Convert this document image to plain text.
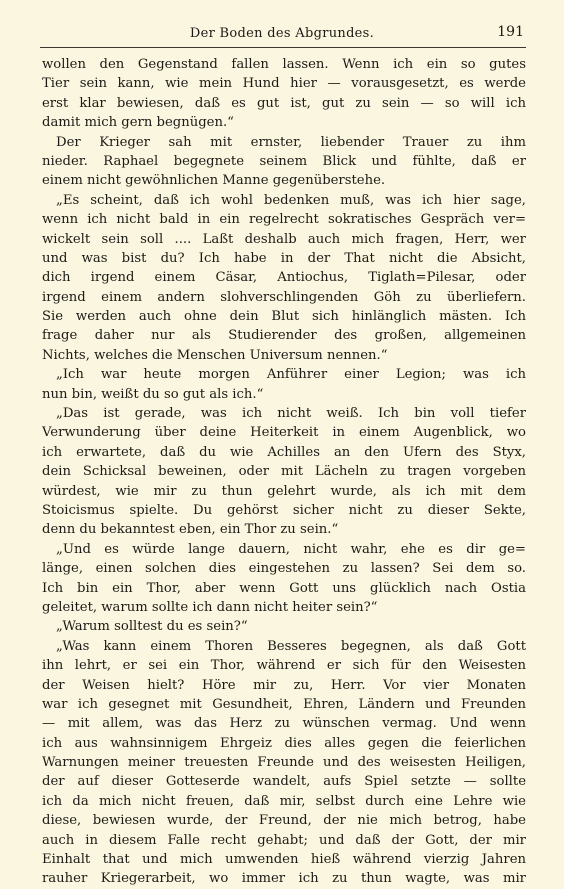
Der Boden des Abgrundes.	191
wollen den Gegenstand fallen lassen. Wenn ich ein so gutes
Tier sein kann, wie mein Hund hier — vorausgesetzt, es werde
erst klar bewiesen, daß es gut ist, gut zu sein — so will ich
damit mich gern begnügen.“
Der Krieger sah mit ernster, liebender Trauer zu ihm
nieder. Raphael begegnete seinem Blick und fühlte, daß er
einem nicht gewöhnlichen Manne gegenüberstehe.
„Es scheint, daß ich wohl bedenken muß, was ich hier sage,
wenn ich nicht bald in ein regelrecht sokratisches Gespräch ver=
wickelt sein soll .... Laßt deshalb auch mich fragen, Herr, wer
und was bist du? Ich habe in der That nicht die Absicht,
dich irgend einem Cäsar, Antiochus, Tiglath=Pilesar, oder
irgend einem andern slohverschlingenden Göh zu überliefern.
Sie werden auch ohne dein Blut sich hinlänglich mästen. Ich
frage daher nur als Studierender des großen, allgemeinen
Nichts, welches die Menschen Universum nennen.“
„Ich war heute morgen Anführer einer Legion; was ich
nun bin, weißt du so gut als ich.“
„Das ist gerade, was ich nicht weiß. Ich bin voll tiefer
Verwunderung über deine Heiterkeit in einem Augenblick, wo
ich erwartete, daß du wie Achilles an den Ufern des Styx,
dein Schicksal beweinen, oder mit Lächeln zu tragen vorgeben
würdest, wie mir zu thun gelehrt wurde, als ich mit dem
Stoicismus spielte. Du gehörst sicher nicht zu dieser Sekte,
denn du bekanntest eben, ein Thor zu sein.“
„Und es würde lange dauern, nicht wahr, ehe es dir ge=
länge, einen solchen dies eingestehen zu lassen? Sei dem so.
Ich bin ein Thor, aber wenn Gott uns glücklich nach Ostia
geleitet, warum sollte ich dann nicht heiter sein?“
„Warum solltest du es sein?“
„Was kann einem Thoren Besseres begegnen, als daß Gott
ihn lehrt, er sei ein Thor, während er sich für den Weisesten
der Weisen hielt? Höre mir zu, Herr. Vor vier Monaten
war ich gesegnet mit Gesundheit, Ehren, Ländern und Freunden
— mit allem, was das Herz zu wünschen vermag. Und wenn
ich aus wahnsinnigem Ehrgeiz dies alles gegen die feierlichen
Warnungen meiner treuesten Freunde und des weisesten Heiligen,
der auf dieser Gotteserde wandelt, aufs Spiel setzte — sollte
ich da mich nicht freuen, daß mir, selbst durch eine Lehre wie
diese, bewiesen wurde, der Freund, der nie mich betrog, habe
auch in diesem Falle recht gehabt; und daß der Gott, der mir
Einhalt that und mich umwenden hieß während vierzig Jahren
rauher Kriegerarbeit, wo immer ich zu thun wagte, was mir
